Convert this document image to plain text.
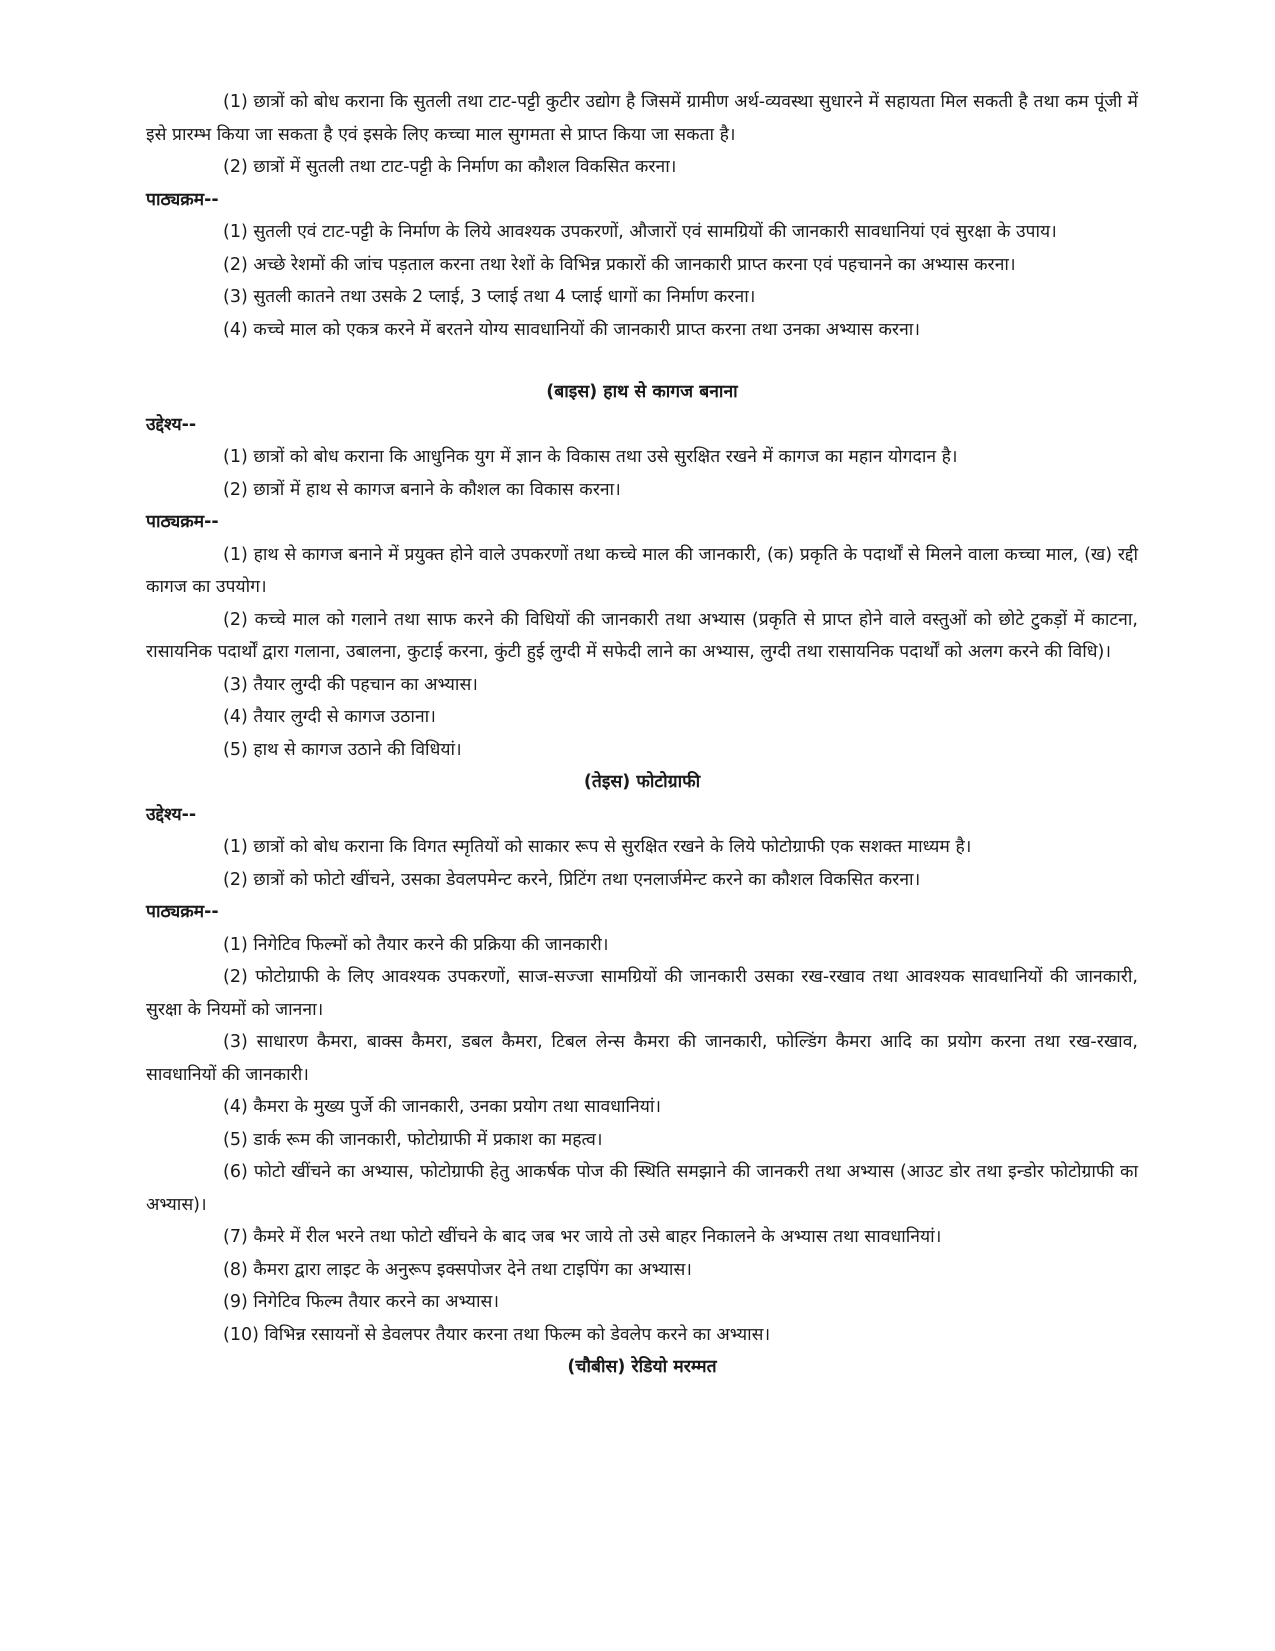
(1) छात्रों को बोध कराना कि सुतली तथा टाट-पट्टी कुटीर उद्योग है जिसमें ग्रामीण अर्थ-व्यवस्था सुधारने में सहायता मिल सकती है तथा कम पूंजी में इसे प्रारम्भ किया जा सकता है एवं इसके लिए कच्चा माल सुगमता से प्राप्त किया जा सकता है।

(2) छात्रों में सुतली तथा टाट-पट्टी के निर्माण का कौशल विकसित करना।

पाठ्यक्रम--

(1) सुतली एवं टाट-पट्टी के निर्माण के लिये आवश्यक उपकरणों, औजारों एवं सामग्रियों की जानकारी सावधानियां एवं सुरक्षा के उपाय।

(2) अच्छे रेशमों की जांच पड़ताल करना तथा रेशों के विभिन्न प्रकारों की जानकारी प्राप्त करना एवं पहचानने का अभ्यास करना।

(3) सुतली कातने तथा उसके 2 प्लाई, 3 प्लाई तथा 4 प्लाई धागों का निर्माण करना।

(4) कच्चे माल को एकत्र करने में बरतने योग्य सावधानियों की जानकारी प्राप्त करना तथा उनका अभ्यास करना।

(बाइस) हाथ से कागज बनाना

उद्देश्य--

(1) छात्रों को बोध कराना कि आधुनिक युग में ज्ञान के विकास तथा उसे सुरक्षित रखने में कागज का महान योगदान है।

(2) छात्रों में हाथ से कागज बनाने के कौशल का विकास करना।

पाठ्यक्रम--

(1) हाथ से कागज बनाने में प्रयुक्त होने वाले उपकरणों तथा कच्चे माल की जानकारी, (क) प्रकृति के पदार्थों से मिलने वाला कच्चा माल, (ख) रद्दी कागज का उपयोग।

(2) कच्चे माल को गलाने तथा साफ करने की विधियों की जानकारी तथा अभ्यास (प्रकृति से प्राप्त होने वाले वस्तुओं को छोटे टुकड़ों में काटना, रासायनिक पदार्थों द्वारा गलाना, उबालना, कुटाई करना, कुंटी हुई लुग्दी में सफेदी लाने का अभ्यास, लुग्दी तथा रासायनिक पदार्थों को अलग करने की विधि)।

(3) तैयार लुग्दी की पहचान का अभ्यास।

(4) तैयार लुग्दी से कागज उठाना।

(5) हाथ से कागज उठाने की विधियां।

(तेइस) फोटोग्राफी

उद्देश्य--

(1) छात्रों को बोध कराना कि विगत स्मृतियों को साकार रूप से सुरक्षित रखने के लिये फोटोग्राफी एक सशक्त माध्यम है।

(2) छात्रों को फोटो खींचने, उसका डेवलपमेन्ट करने, प्रिटिंग तथा एनलार्जमेन्ट करने का कौशल विकसित करना।

पाठ्यक्रम--

(1) निगेटिव फिल्मों को तैयार करने की प्रक्रिया की जानकारी।

(2) फोटोग्राफी के लिए आवश्यक उपकरणों, साज-सज्जा सामग्रियों की जानकारी उसका रख-रखाव तथा आवश्यक सावधानियों की जानकारी, सुरक्षा के नियमों को जानना।

(3) साधारण कैमरा, बाक्स कैमरा, डबल कैमरा, टिबल लेन्स कैमरा की जानकारी, फोल्डिंग कैमरा आदि का प्रयोग करना तथा रख-रखाव, सावधानियों की जानकारी।

(4) कैमरा के मुख्य पुर्जे की जानकारी, उनका प्रयोग तथा सावधानियां।

(5) डार्क रूम की जानकारी, फोटोग्राफी में प्रकाश का महत्व।

(6) फोटो खींचने का अभ्यास, फोटोग्राफी हेतु आकर्षक पोज की स्थिति समझाने की जानकरी तथा अभ्यास (आउट डोर तथा इन्डोर फोटोग्राफी का अभ्यास)।

(7) कैमरे में रील भरने तथा फोटो खींचने के बाद जब भर जाये तो उसे बाहर निकालने के अभ्यास तथा सावधानियां।

(8) कैमरा द्वारा लाइट के अनुरूप इक्सपोजर देने तथा टाइपिंग का अभ्यास।

(9) निगेटिव फिल्म तैयार करने का अभ्यास।

(10) विभिन्न रसायनों से डेवलपर तैयार करना तथा फिल्म को डेवलेप करने का अभ्यास।

(चौबीस) रेडियो मरम्मत
